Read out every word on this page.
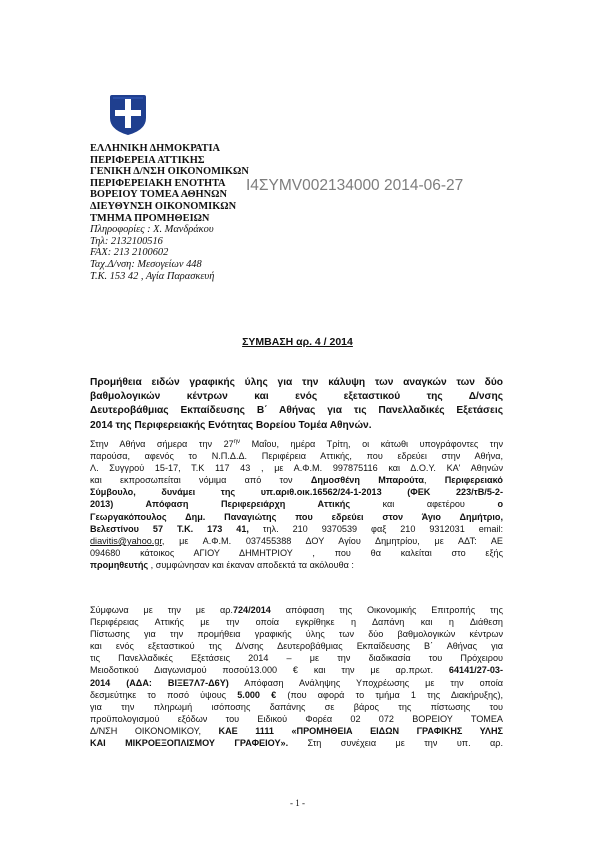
ΕΛΛΗΝΙΚΗ ΔΗΜΟΚΡΑΤΙΑ
ΠΕΡΙΦΕΡΕΙΑ ΑΤΤΙΚΗΣ
ΓΕΝΙΚΗ Δ/ΝΣΗ ΟΙΚΟΝΟΜΙΚΩΝ
ΠΕΡΙΦΕΡΕΙΑΚΗ ΕΝΟΤΗΤΑ
ΒΟΡΕΙΟΥ ΤΟΜΕΑ ΑΘΗΝΩΝ
ΔΙΕΥΘΥΝΣΗ ΟΙΚΟΝΟΜΙΚΩΝ
ΤΜΗΜΑ ΠΡΟΜΗΘΕΙΩΝ
Πληροφορίες : Χ. Μανδράκου
Τηλ: 2132100516
FAX: 213 2100602
Ταχ.Δ/νση: Μεσογείων 448
Τ.Κ. 153 42 , Αγία Παρασκευή
Ι4ΣΥΜV002134000 2014-06-27
ΣΥΜΒΑΣΗ αρ. 4 / 2014
Προμήθεια ειδών γραφικής ύλης για την κάλυψη των αναγκών των δύο
βαθμολογικών κέντρων και ενός εξεταστικού της Δ/νσης
Δευτεροβάθμιας Εκπαίδευσης Β΄ Αθήνας για τις Πανελλαδικές Εξετάσεις
2014 της Περιφερειακής Ενότητας Βορείου Τομέα Αθηνών.
Στην Αθήνα σήμερα την $27^{\eta\nu}$ Μαΐου, ημέρα Τρίτη, οι κάτωθι υπογράφοντες την
παρούσα, αφενός το Ν.Π.Δ.Δ. Περιφέρεια Αττικής, που εδρεύει στην Αθήνα,
Λ. Συγγρού 15-17, Τ.Κ 117 43 , με Α.Φ.Μ. 997875116 και Δ.Ο.Υ. ΚΑ' Αθηνών
και εκπροσωπείται νόμιμα από τον Δημοσθένη Μπαρούτα, Περιφερειακό
Σύμβουλο, δυνάμει της υπ.αριθ.οικ.16562/24-1-2013 (ΦΕΚ 223/τΒ/5-2-
2013) Απόφαση Περιφερειάρχη Αττικής και αφετέρου ο
Γεωργακόπουλος Δημ. Παναγιώτης που εδρεύει στον Άγιο Δημήτριο,
Βελεστίνου 57 Τ.Κ. 173 41, τηλ. 210 9370539 φαξ 210 9312031 email:
diavitis@yahoo.gr, με Α.Φ.Μ. 037455388 ΔΟΥ Αγίου Δημητρίου, με ΑΔΤ: ΑΕ
094680 κάτοικος ΑΓΙΟΥ ΔΗΜΗΤΡΙΟΥ , που θα καλείται στο εξής
προμηθευτής , συμφώνησαν και έκαναν αποδεκτά τα ακόλουθα :
Σύμφωνα με την με αρ.724/2014 απόφαση της Οικονομικής Επιτροπής της
Περιφέρειας Αττικής με την οποία εγκρίθηκε η Δαπάνη και η Διάθεση
Πίστωσης για την προμήθεια γραφικής ύλης των δύο βαθμολογικών κέντρων
και ενός εξεταστικού της Δ/νσης Δευτεροβάθμιας Εκπαίδευσης Β΄ Αθήνας για
τις Πανελλαδικές Εξετάσεις 2014 – με την διαδικασία του Πρόχειρου
Μειοδοτικού Διαγωνισμού ποσού13.000 € και την με αρ.πρωτ. 64141/27-03-
2014 (ΑΔΑ: ΒΙΞΕ7Λ7-Δ6Υ) Απόφαση Ανάληψης Υποχρέωσης με την οποία
δεσμεύτηκε το ποσό ύψους 5.000 € (που αφορά το τμήμα 1 της Διακήρυξης),
για την πληρωμή ισόποσης δαπάνης σε βάρος της πίστωσης του
προϋπολογισμού εξόδων του Ειδικού Φορέα 02 072 ΒΟΡΕΙΟΥ ΤΟΜΕΑ
Δ/ΝΣΗ ΟΙΚΟΝΟΜΙΚΟΥ, ΚΑΕ 1111 «ΠΡΟΜΗΘΕΙΑ ΕΙΔΩΝ ΓΡΑΦΙΚΗΣ ΥΛΗΣ
ΚΑΙ ΜΙΚΡΟΕΞΟΠΛΙΣΜΟΥ ΓΡΑΦΕΙΟΥ». Στη συνέχεια με την υπ. αρ.
- 1 -
